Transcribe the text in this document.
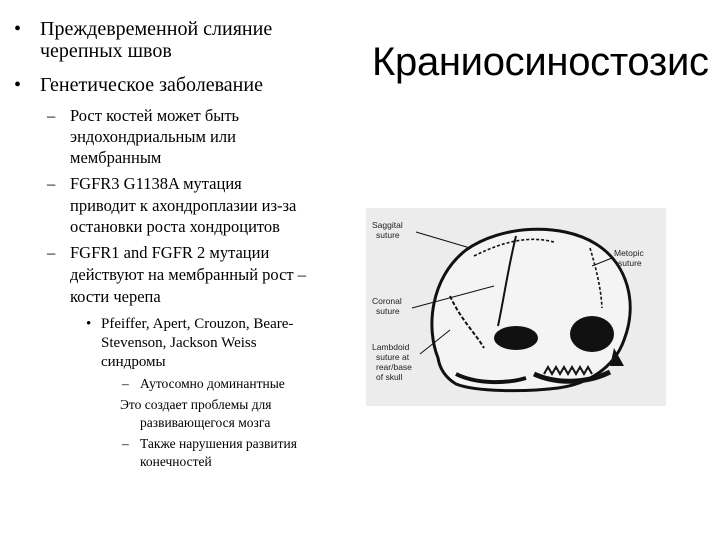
Краниосиностозис
• Преждевременной слияние
черепных швов
• Генетическое заболевание
– Рост костей может быть
эндохондриальным или
мембранным
– FGFR3 G1138A мутация
приводит к ахондроплазии из-за
остановки роста хондроцитов
– FGFR1 and FGFR 2 мутации
действуют на мембранный рост –
кости черепа
• Pfeiffer, Apert, Crouzon, Beare-
Stevenson, Jackson Weiss
синдромы
– Аутосомно доминантные
Это создает проблемы для
развивающегося мозга
– Также нарушения развития
конечностей
Saggital
suture
Coronal
suture
Lambdoid
suture at
rear/base
of skull
Metopic
suture
